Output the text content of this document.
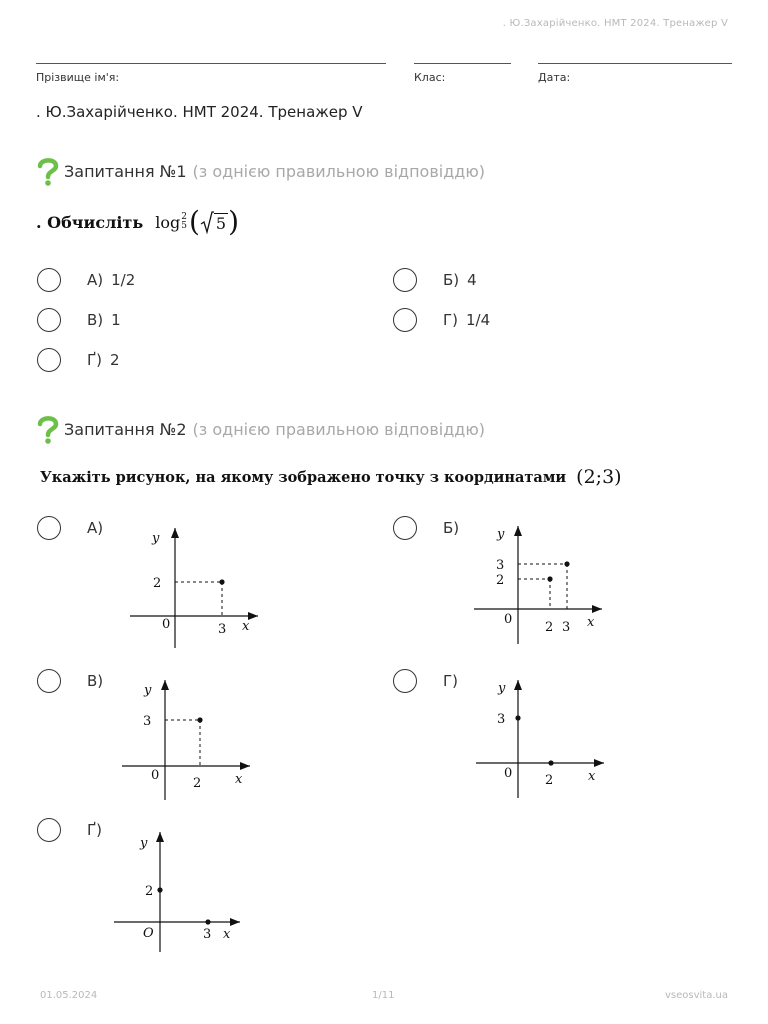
. Ю.Захарійченко. НМТ 2024. Тренажер V
Прізвище ім'я:	Клас:	Дата:
. Ю.Захарійченко. НМТ 2024. Тренажер V
Запитання №1 (з однією правильною відповіддю)
. Обчисліть log 2
5 ( 5 )
А) 1/2	Б) 4
В) 1	Г) 1/4
Ґ) 2
Запитання №2 (з однією правильною відповіддю)
Укажіть рисунок, на якому зображено точку з координатами (2;3)
А)
y
2
0	3 x
Б)	y
3
2
0
2 3 x
В)
y
3
0
2	x
Г)	y
3
0	2	x
Ґ)
y
2
O	3 x
01.05.2024	1/11	vseosvita.ua
